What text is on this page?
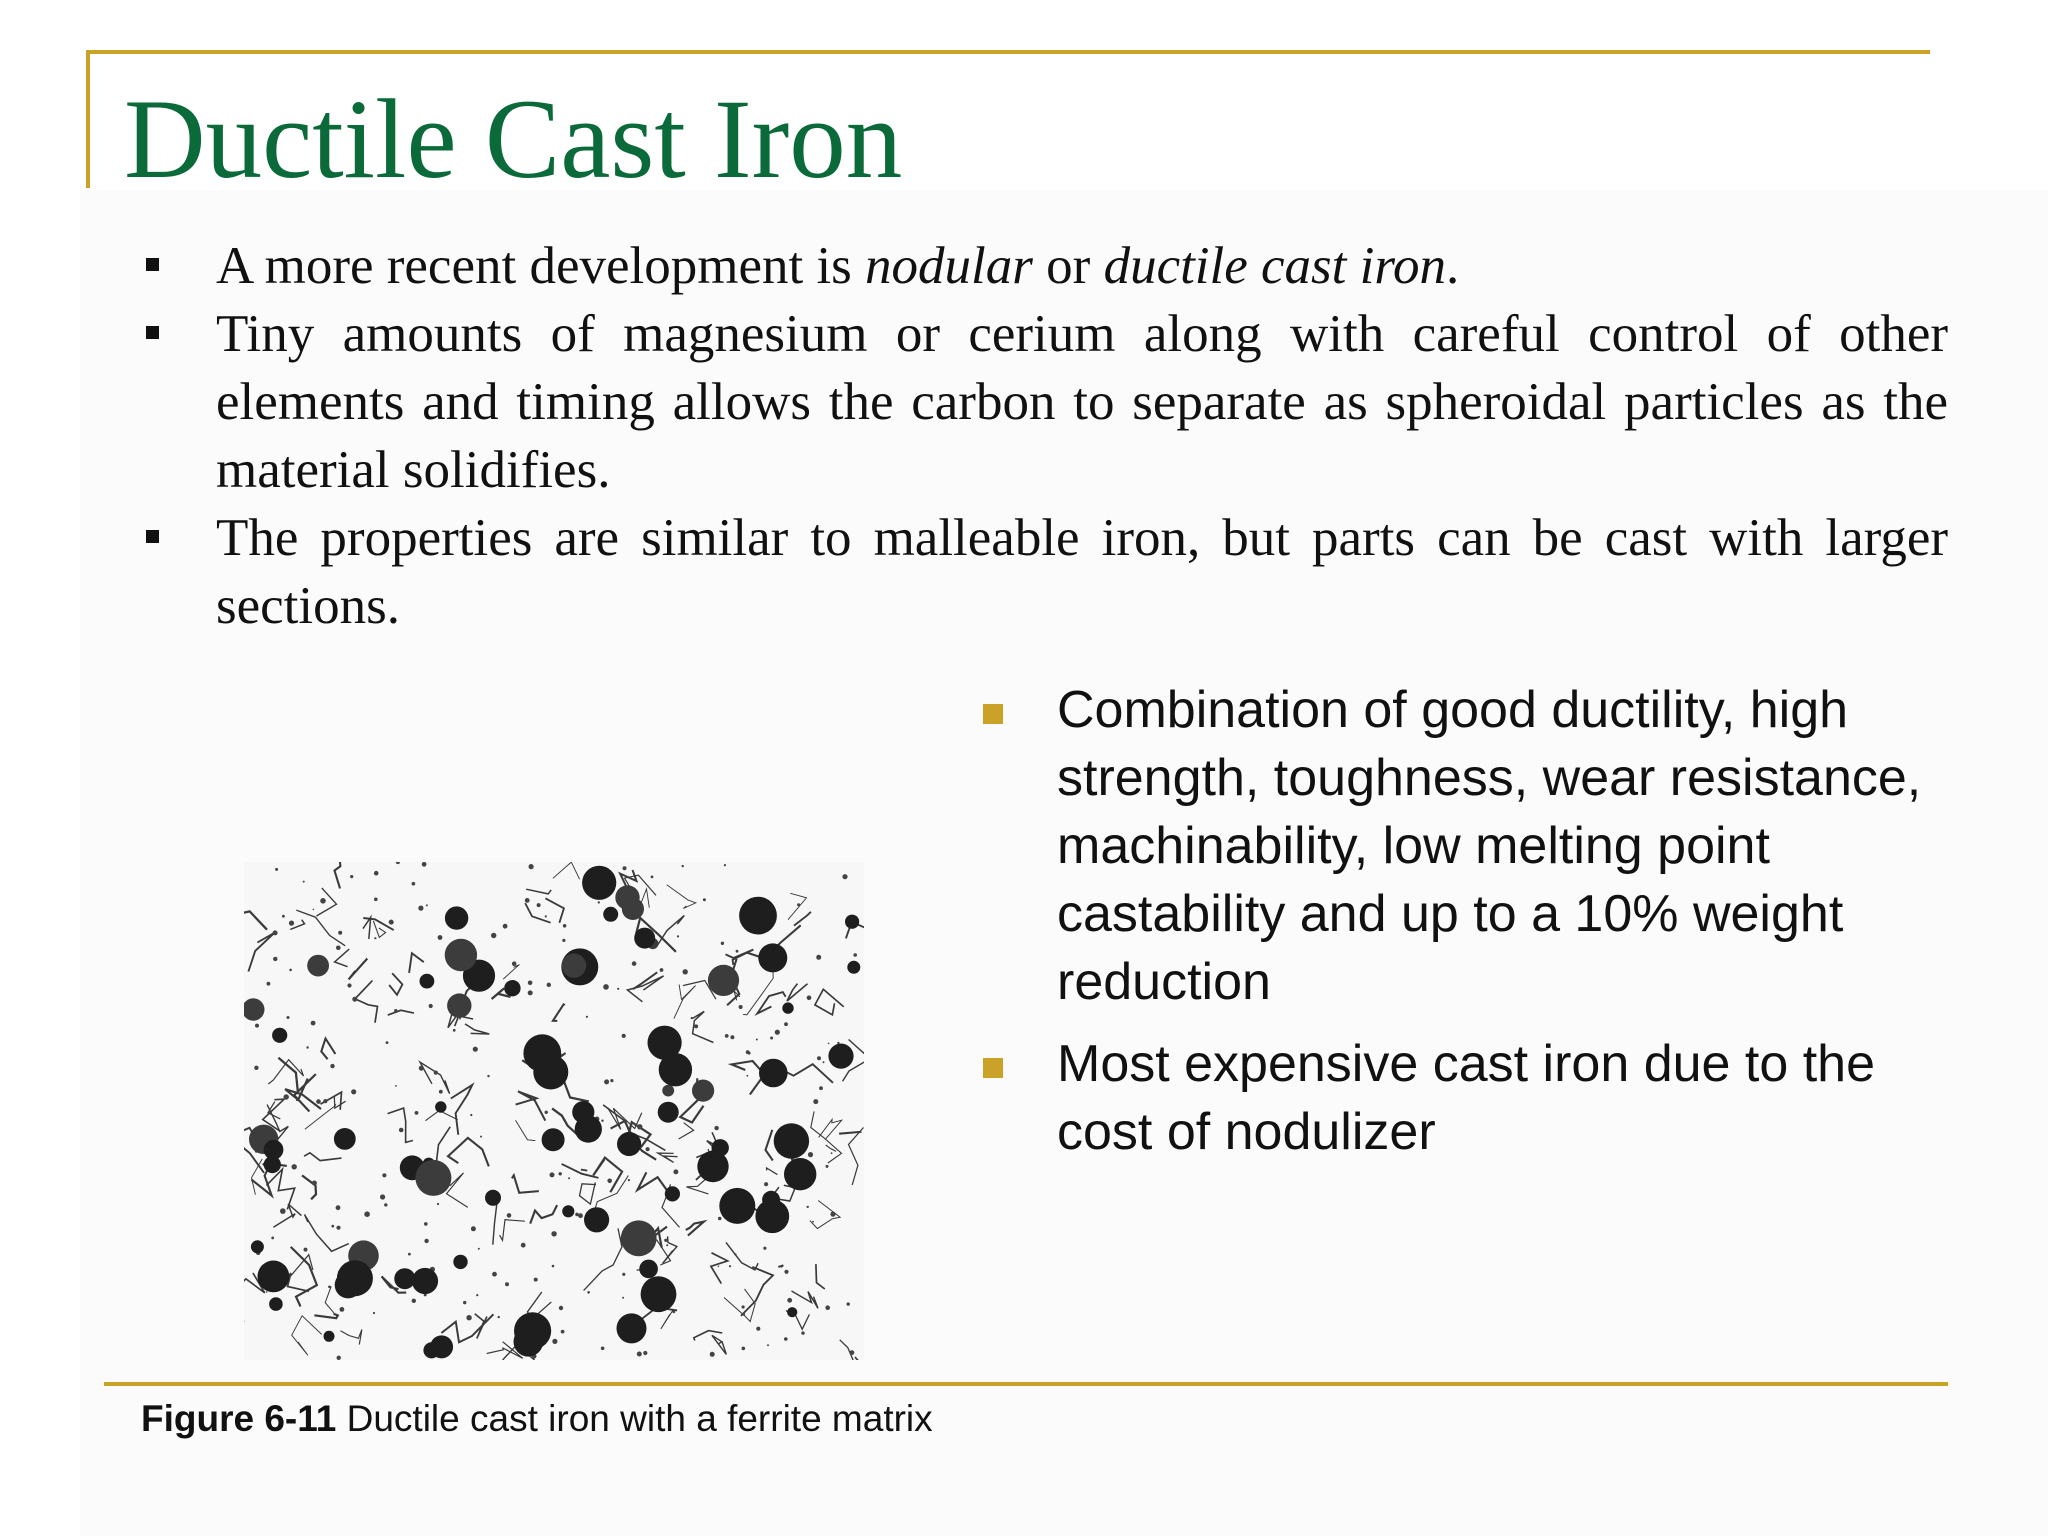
Ductile Cast Iron
A more recent development is nodular or ductile cast iron.
Tiny amounts of magnesium or cerium along with careful control of other elements and timing allows the carbon to separate as spheroidal particles as the material solidifies.
The properties are similar to malleable iron, but parts can be cast with larger sections.
Combination of good ductility, high strength, toughness, wear resistance, machinability, low melting point castability and up to a 10% weight reduction
Most expensive cast iron due to the cost of nodulizer

Figure 6-11 Ductile cast iron with a ferrite matrix
